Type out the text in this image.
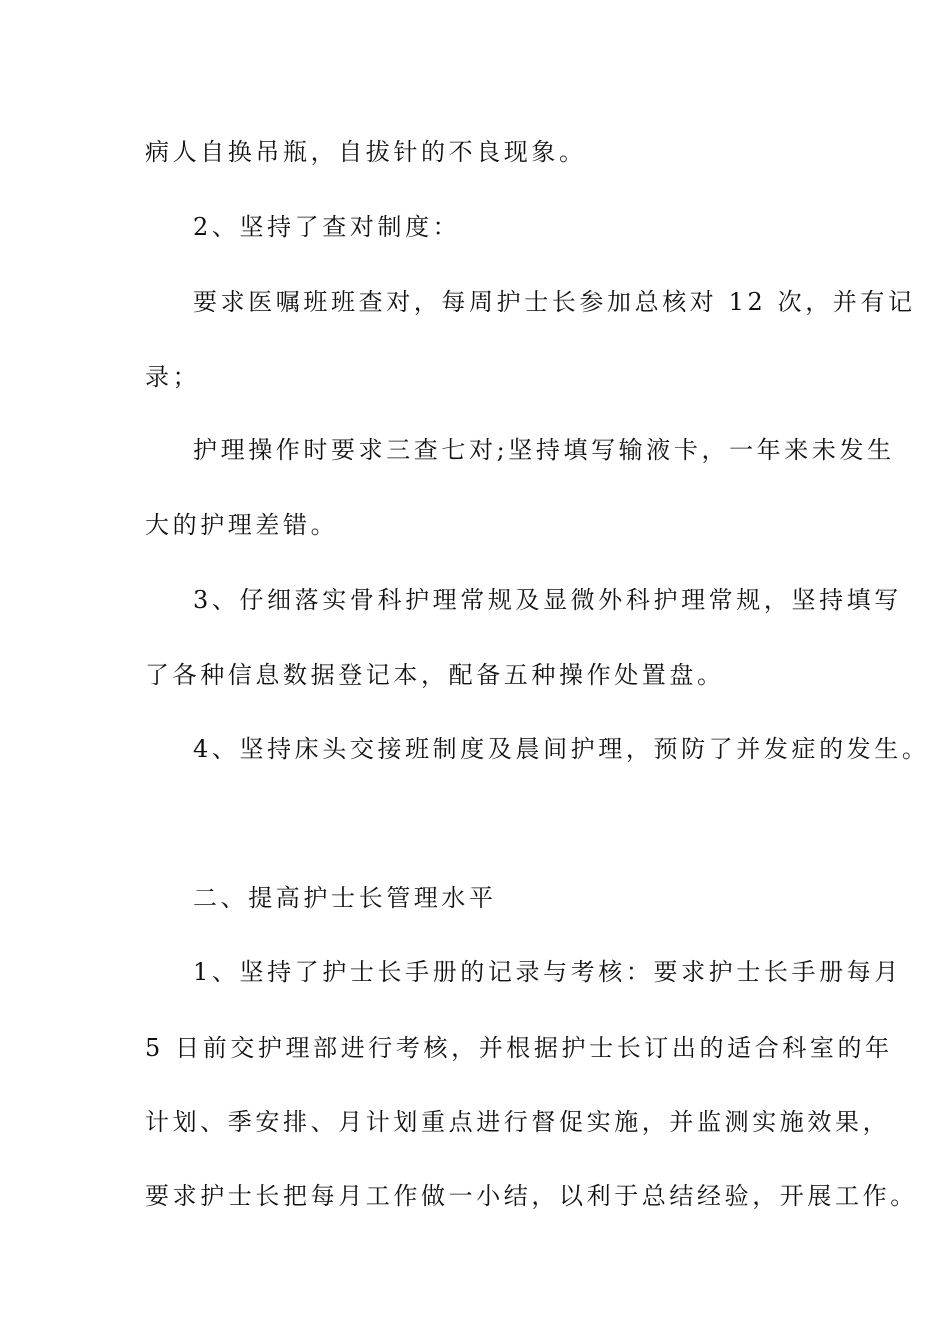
病人自换吊瓶，自拔针的不良现象。
2、坚持了查对制度：
要求医嘱班班查对，每周护士长参加总核对 12 次，并有记
录；
护理操作时要求三查七对;坚持填写输液卡，一年来未发生
大的护理差错。
3、仔细落实骨科护理常规及显微外科护理常规，坚持填写
了各种信息数据登记本，配备五种操作处置盘。
4、坚持床头交接班制度及晨间护理，预防了并发症的发生。
二、提高护士长管理水平
1、坚持了护士长手册的记录与考核：要求护士长手册每月
5 日前交护理部进行考核，并根据护士长订出的适合科室的年
计划、季安排、月计划重点进行督促实施，并监测实施效果，
要求护士长把每月工作做一小结，以利于总结经验，开展工作。
